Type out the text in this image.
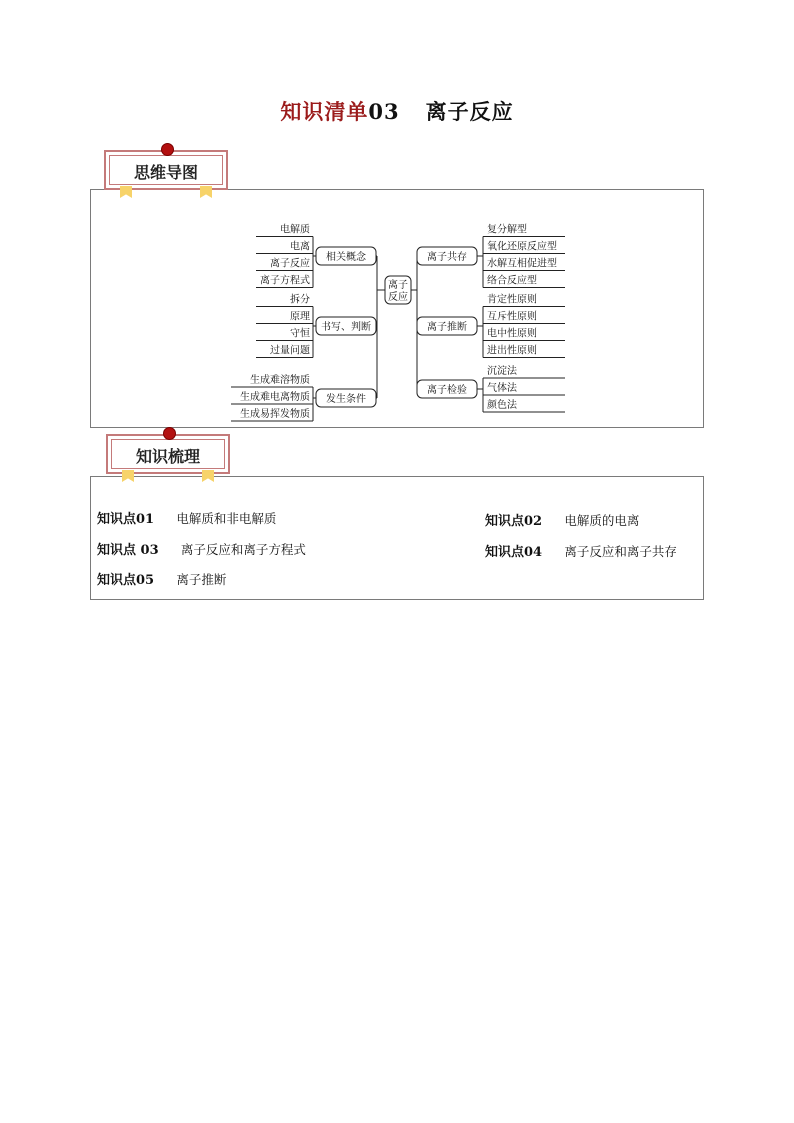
知识清单03 离子反应
电解质
电离
离子反应
离子方程式
相关概念
拆分
原理
守恒
过量问题
书写、判断
生成难溶物质
生成难电离物质
生成易挥发物质
发生条件
复分解型
氧化还原反应型
水解互相促进型
络合反应型
离子共存
肯定性原则
互斥性原则
电中性原则
进出性原则
离子推断
沉淀法
气体法
颜色法
离子检验
离子
反应
思维导图
知识梳理
知识点01 电解质和非电解质	知识点02 电解质的电离
知识点 03 离子反应和离子方程式	知识点04 离子反应和离子共存
知识点05 离子推断
